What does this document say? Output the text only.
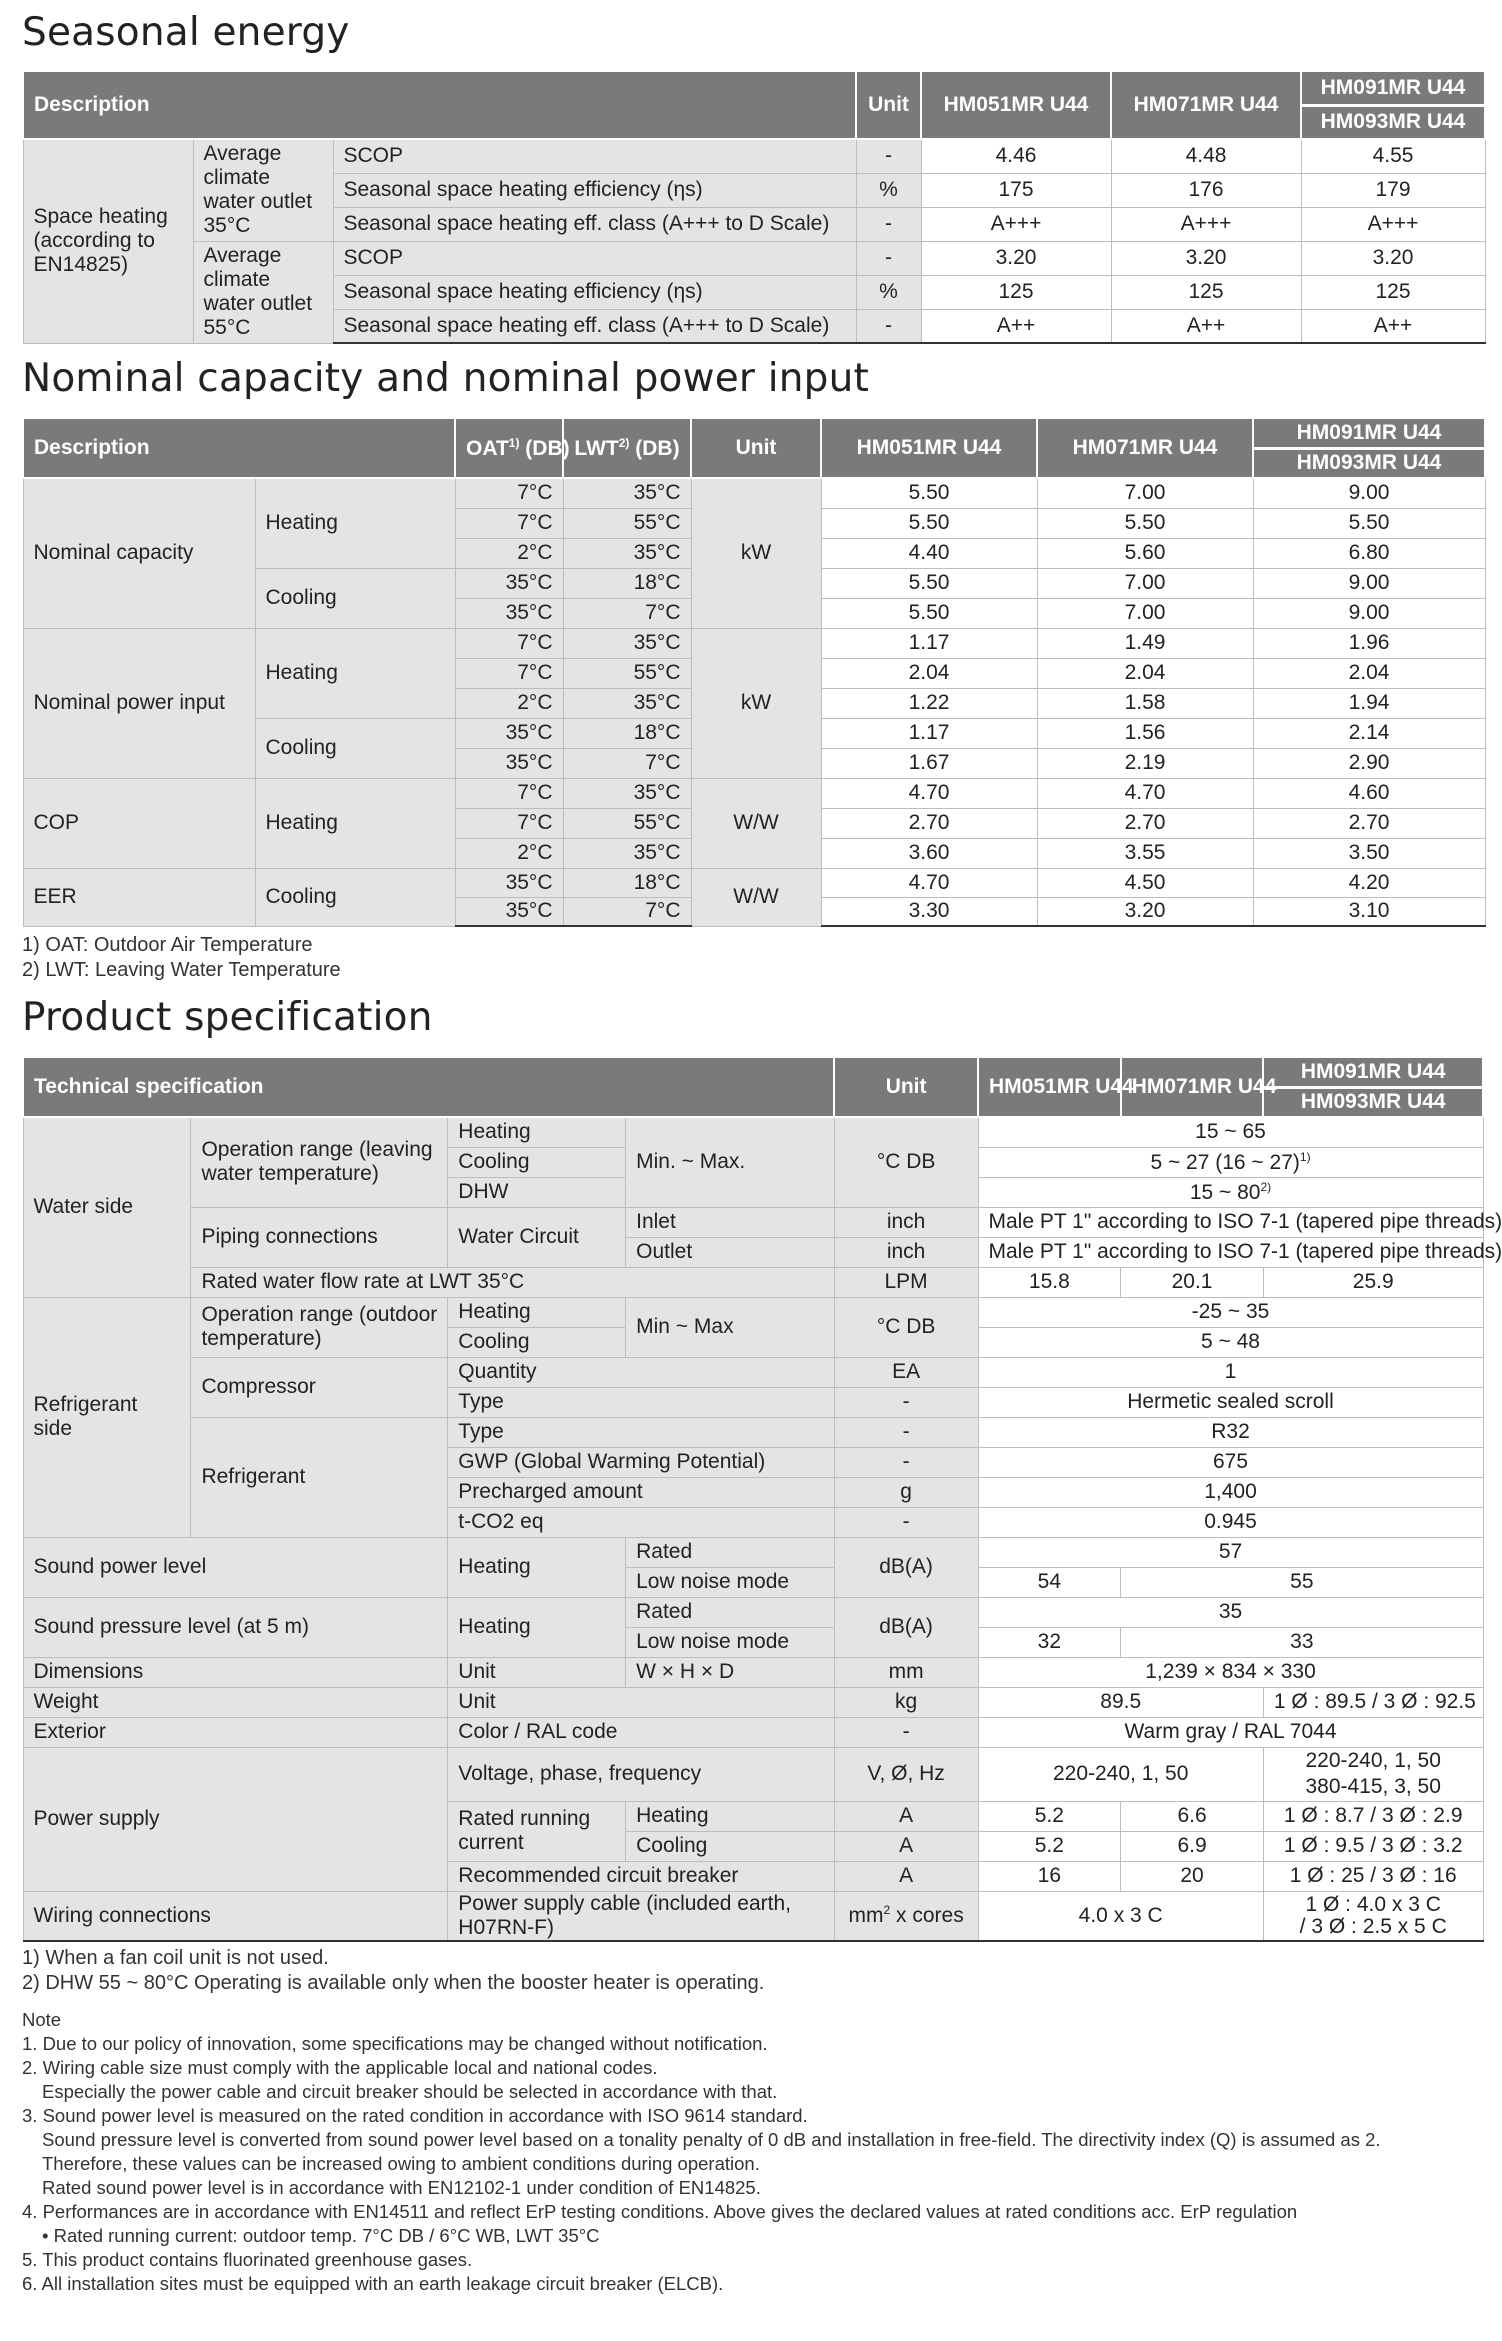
Seasonal energy
Description			Unit	HM051MR U44	HM071MR U44	HM091MR U44
						HM093MR U44
Space heating (according to EN14825)	Average climate water outlet 35°C	SCOP	-	4.46	4.48	4.55
		Seasonal space heating efficiency (ηs)	%	175	176	179
		Seasonal space heating eff. class (A+++ to D Scale)	-	A+++	A+++	A+++
	Average climate water outlet 55°C	SCOP	-	3.20	3.20	3.20
		Seasonal space heating efficiency (ηs)	%	125	125	125
		Seasonal space heating eff. class (A+++ to D Scale)	-	A++	A++	A++
Nominal capacity and nominal power input
Description		OAT$^{1)}$ (DB)	LWT$^{2)}$ (DB)	Unit	HM051MR U44	HM071MR U44	HM091MR U44
							HM093MR U44
Nominal capacity	Heating	7°C	35°C	kW	5.50	7.00	9.00
		7°C	55°C		5.50	5.50	5.50
		2°C	35°C		4.40	5.60	6.80
	Cooling	35°C	18°C		5.50	7.00	9.00
		35°C	7°C		5.50	7.00	9.00
Nominal power input	Heating	7°C	35°C	kW	1.17	1.49	1.96
		7°C	55°C		2.04	2.04	2.04
		2°C	35°C		1.22	1.58	1.94
	Cooling	35°C	18°C		1.17	1.56	2.14
		35°C	7°C		1.67	2.19	2.90
COP	Heating	7°C	35°C	W/W	4.70	4.70	4.60
		7°C	55°C		2.70	2.70	2.70
		2°C	35°C		3.60	3.55	3.50
EER	Cooling	35°C	18°C	W/W	4.70	4.50	4.20
		35°C	7°C		3.30	3.20	3.10
1) OAT: Outdoor Air Temperature
2) LWT: Leaving Water Temperature
Product specification
Technical specification				Unit	HM051MR U44	HM071MR U44	HM091MR U44
							HM093MR U44
Water side	Operation range (leaving water temperature)	Heating	Min. ~ Max.	°C DB	15 ~ 65		
		Cooling			5 ~ 27 (16 ~ 27)$^{1)}$
		DHW			15 ~ 80$^{2)}$
	Piping connections	Water Circuit	Inlet	inch	Male PT 1" according to ISO 7-1 (tapered pipe threads)		
			Outlet	inch	Male PT 1" according to ISO 7-1 (tapered pipe threads)		
	Rated water flow rate at LWT 35°C			LPM	15.8	20.1	25.9
Refrigerant side	Operation range (outdoor temperature)	Heating	Min ~ Max	°C DB	-25 ~ 35		
		Cooling			5 ~ 48		
	Compressor	Quantity		EA	1		
		Type		-	Hermetic sealed scroll		
	Refrigerant	Type		-	R32		
		GWP (Global Warming Potential)		-	675		
		Precharged amount		g	1,400		
		t-CO2 eq		-	0.945		
Sound power level		Heating	Rated	dB(A)	57		
			Low noise mode		54	55	
Sound pressure level (at 5 m)		Heating	Rated	dB(A)	35		
			Low noise mode		32	33	
Dimensions		Unit	W × H × D	mm	1,239 × 834 × 330		
Weight		Unit		kg	89.5		1 Ø : 89.5 / 3 Ø : 92.5
Exterior		Color / RAL code		-	Warm gray / RAL 7044		
Power supply		Voltage, phase, frequency		V, Ø, Hz	220-240, 1, 50		220-240, 1, 50
380-415, 3, 50

		Rated running current	Heating	A	5.2	6.6	1 Ø : 8.7 / 3 Ø : 2.9
			Cooling	A	5.2	6.9	1 Ø : 9.5 / 3 Ø : 3.2
		Recommended circuit breaker		A	16	20	1 Ø : 25 / 3 Ø : 16
Wiring connections		Power supply cable (included earth, H07RN-F)		$mm^2$ x cores	4.0 x 3 C		1 Ø : 4.0 x 3 C
/ 3 Ø : 2.5 x 5 C
1) When a fan coil unit is not used.
2) DHW 55 ~ 80°C Operating is available only when the booster heater is operating.
Note
1. Due to our policy of innovation, some specifications may be changed without notification.
2. Wiring cable size must comply with the applicable local and national codes.
Especially the power cable and circuit breaker should be selected in accordance with that.
3. Sound power level is measured on the rated condition in accordance with ISO 9614 standard.
Sound pressure level is converted from sound power level based on a tonality penalty of 0 dB and installation in free-field. The directivity index (Q) is assumed as 2.
Therefore, these values can be increased owing to ambient conditions during operation.
Rated sound power level is in accordance with EN12102-1 under condition of EN14825.
4. Performances are in accordance with EN14511 and reflect ErP testing conditions. Above gives the declared values at rated conditions acc. ErP regulation
• Rated running current: outdoor temp. 7°C DB / 6°C WB, LWT 35°C
5. This product contains fluorinated greenhouse gases.
6. All installation sites must be equipped with an earth leakage circuit breaker (ELCB).
